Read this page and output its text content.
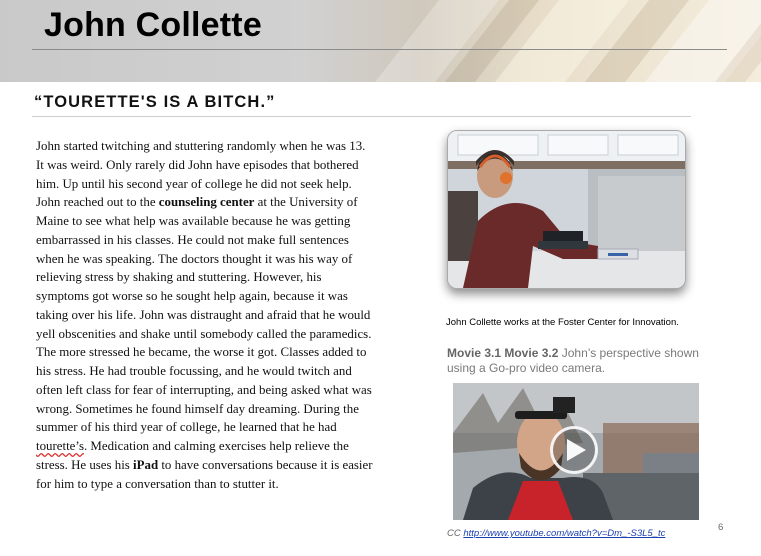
John Collette
“TOURETTE'S IS A BITCH.”

John started twitching and stuttering randomly when he was 13. It was weird. Only rarely did John have episodes that bothered him. Up until his second year of college he did not seek help. John reached out to the counseling center at the University of Maine to see what help was available because he was getting embarrassed in his classes. He could not make full sentences when he was speaking. The doctors thought it was his way of relieving stress by shaking and stuttering. However, his symptoms got worse so he sought help again, because it was taking over his life. John was distraught and afraid that he would yell obscenities and shake until somebody called the paramedics. The more stressed he became, the worse it got. Classes added to his stress. He had trouble focussing, and he would twitch and often left class for fear of interrupting, and being asked what was wrong. Sometimes he found himself day dreaming. During the summer of his third year of college, he learned that he had tourette’s. Medication and calming exercises help relieve the stress. He uses his iPad to have conversations because it is easier for him to type a conversation than to stutter it.

John Collette works at the Foster Center for Innovation.

Movie 3.1 Movie 3.2 John’s perspective shown using a Go-pro video camera.

CC http://www.youtube.com/watch?v=Dm_-S3L5_tc

6
